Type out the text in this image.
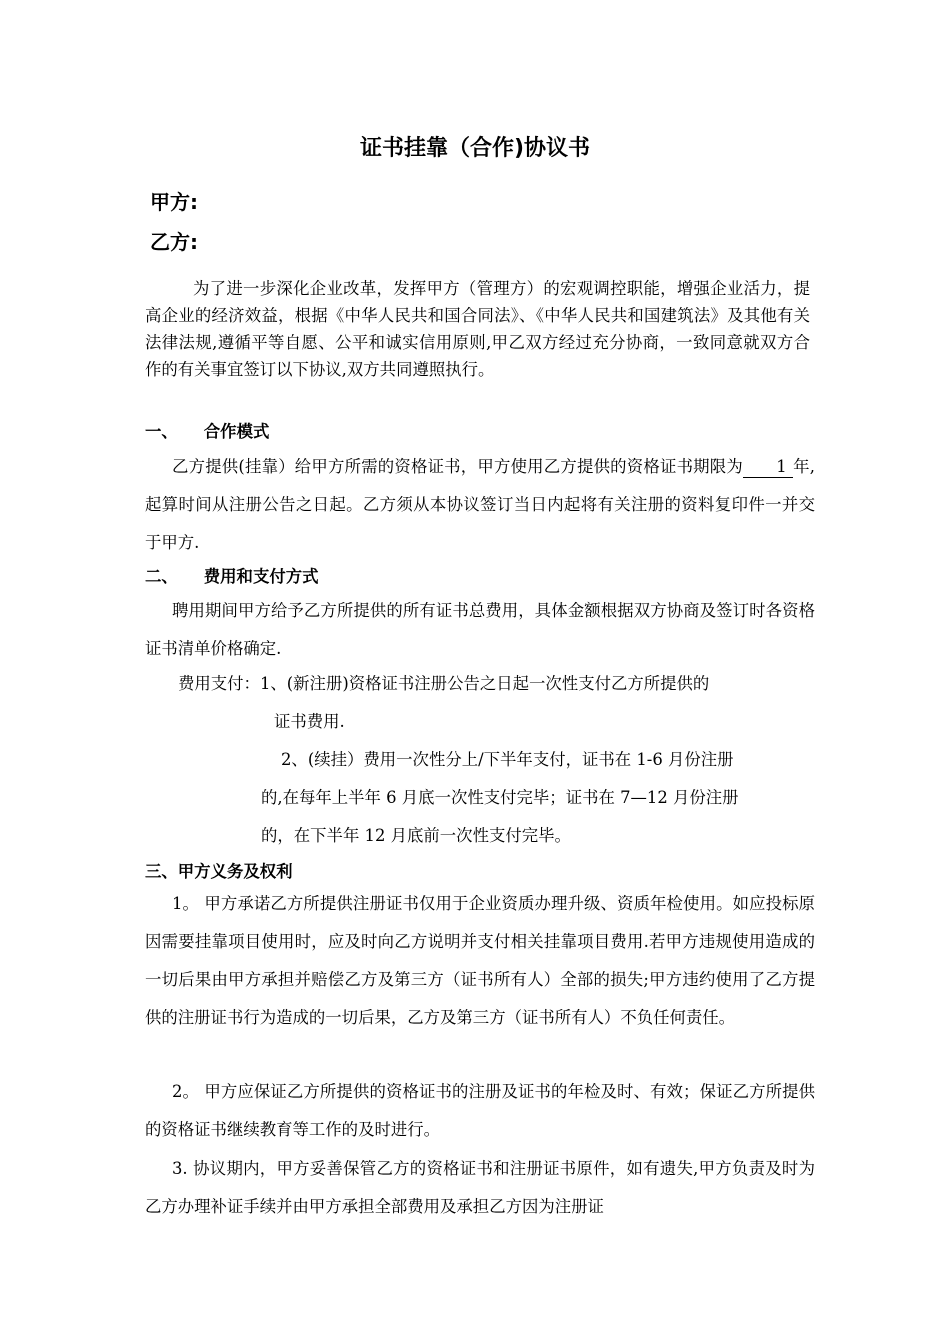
证书挂靠（合作)协议书
甲方:
乙方:
为了进一步深化企业改革，发挥甲方（管理方）的宏观调控职能，增强企业活力，提高企业的经济效益，根据《中华人民共和国合同法》、《中华人民共和国建筑法》及其他有关法律法规,遵循平等自愿、公平和诚实信用原则,甲乙双方经过充分协商，一致同意就双方合作的有关事宜签订以下协议,双方共同遵照执行。
一、 合作模式
乙方提供(挂靠）给甲方所需的资格证书，甲方使用乙方提供的资格证书期限为 1 年,起算时间从注册公告之日起。乙方须从本协议签订当日内起将有关注册的资料复印件一并交于甲方.
二、 费用和支付方式
聘用期间甲方给予乙方所提供的所有证书总费用，具体金额根据双方协商及签订时各资格证书清单价格确定.
费用支付：1、(新注册)资格证书注册公告之日起一次性支付乙方所提供的
证书费用.
2、(续挂）费用一次性分上/下半年支付，证书在 1-6 月份注册
的,在每年上半年 6 月底一次性支付完毕；证书在 7—12 月份注册
的，在下半年 12 月底前一次性支付完毕。
三、甲方义务及权利
1。 甲方承诺乙方所提供注册证书仅用于企业资质办理升级、资质年检使用。如应投标原因需要挂靠项目使用时，应及时向乙方说明并支付相关挂靠项目费用.若甲方违规使用造成的一切后果由甲方承担并赔偿乙方及第三方（证书所有人）全部的损失;甲方违约使用了乙方提供的注册证书行为造成的一切后果，乙方及第三方（证书所有人）不负任何责任。
2。 甲方应保证乙方所提供的资格证书的注册及证书的年检及时、有效；保证乙方所提供的资格证书继续教育等工作的及时进行。
3. 协议期内，甲方妥善保管乙方的资格证书和注册证书原件，如有遗失,甲方负责及时为乙方办理补证手续并由甲方承担全部费用及承担乙方因为注册证
